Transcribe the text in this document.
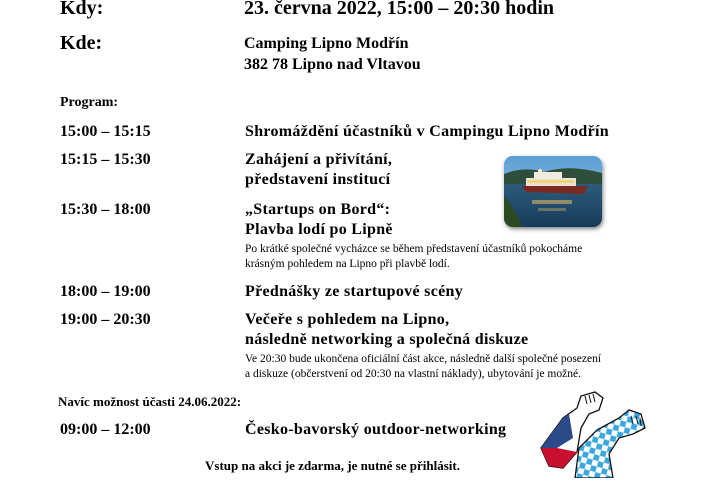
Kdy:	23. června 2022, 15:00 – 20:30 hodin
Kde:	Camping Lipno Modřín
382 78 Lipno nad Vltavou
Program:
15:00 – 15:15	Shromáždění účastníků v Campingu Lipno Modřín
15:15 – 15:30	Zahájení a přivítání,
představení institucí
15:30 – 18:00	„Startups on Bord“:
Plavba lodí po Lipně
Po krátké společné vycházce se během představení účastníků pokocháme
krásným pohledem na Lipno při plavbě lodí.
18:00 – 19:00	Přednášky ze startupové scény
19:00 – 20:30	Večeře s pohledem na Lipno,
následně networking a společná diskuze
Ve 20:30 bude ukončena oficiální část akce, následně další společné posezení
a diskuze (občerstvení od 20:30 na vlastní náklady), ubytování je možné.
Navíc možnost účasti 24.06.2022:
09:00 – 12:00	Česko-bavorský outdoor-networking
Vstup na akci je zdarma, je nutné se přihlásit.
